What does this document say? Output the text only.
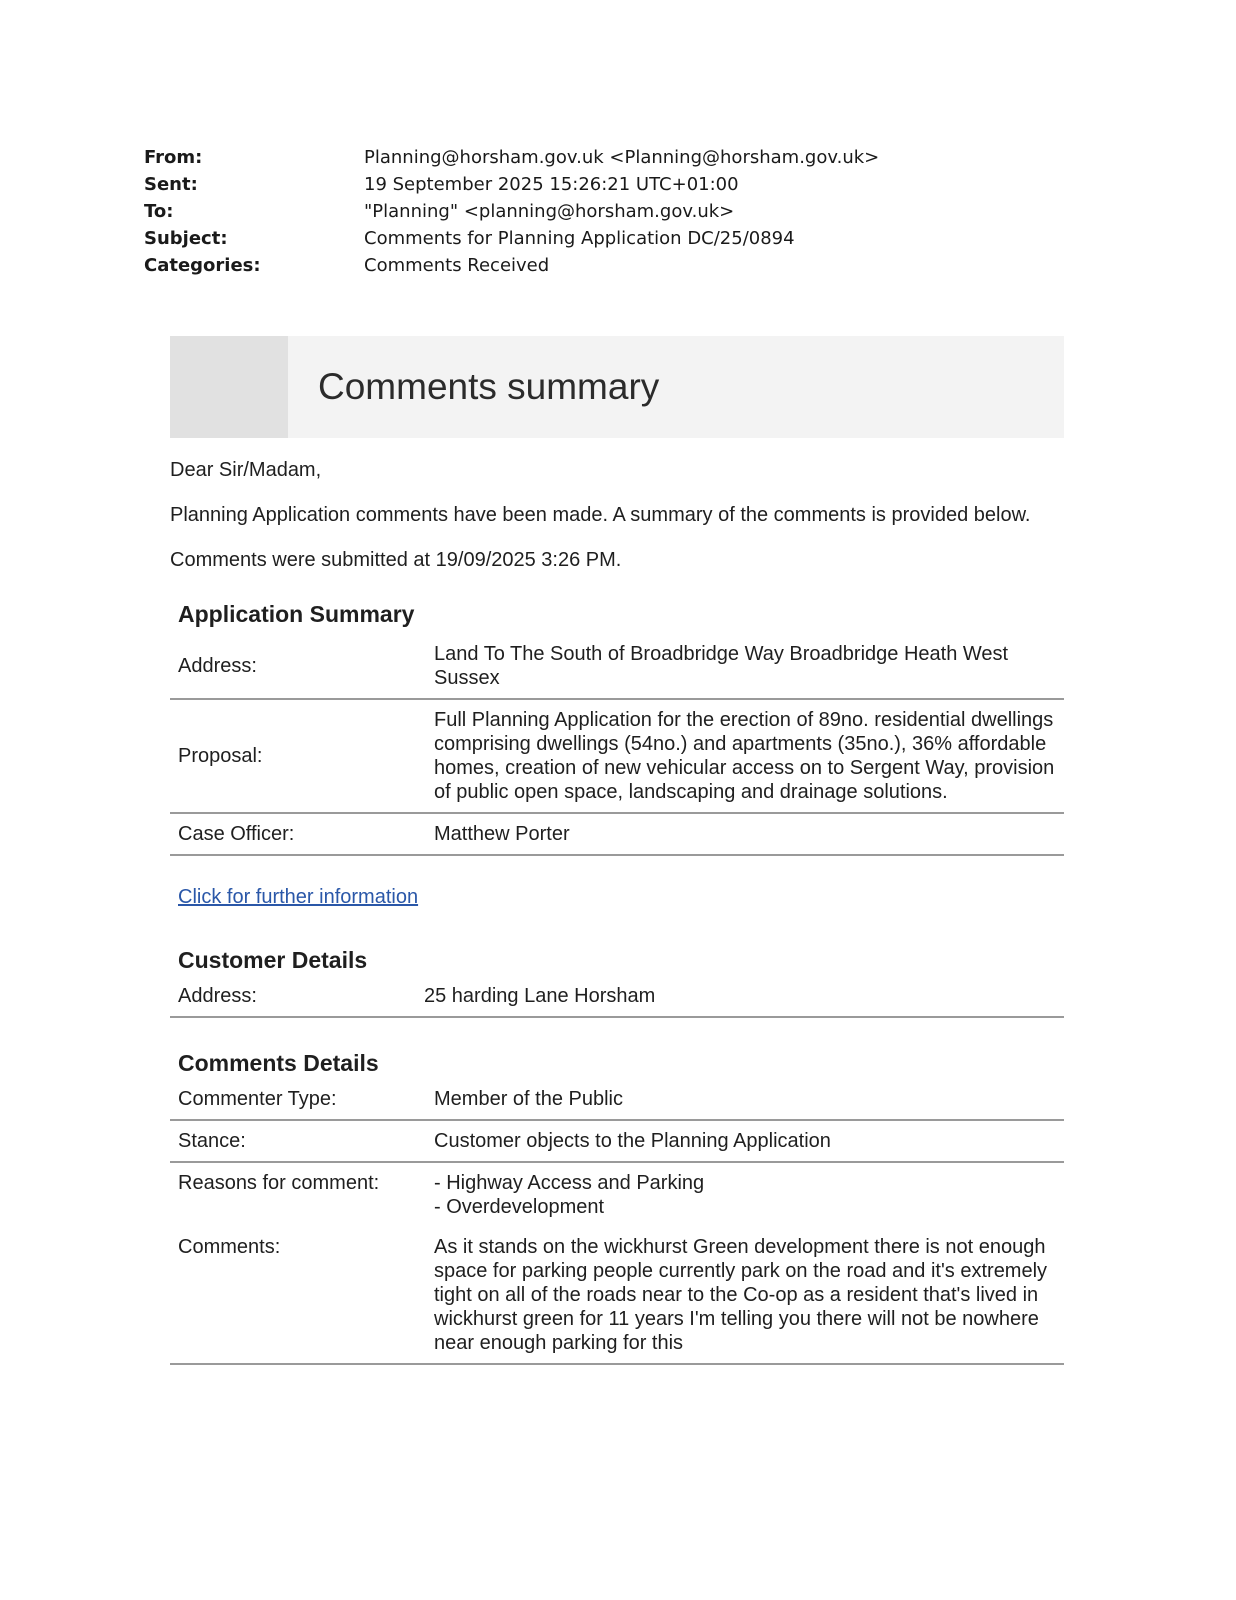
From:	Planning@horsham.gov.uk <Planning@horsham.gov.uk>
Sent:	19 September 2025 15:26:21 UTC+01:00
To:	"Planning" <planning@horsham.gov.uk>
Subject:	Comments for Planning Application DC/25/0894
Categories:	Comments Received
Comments summary

Dear Sir/Madam,

Planning Application comments have been made. A summary of the comments is provided below.

Comments were submitted at 19/09/2025 3:26 PM.

Application Summary
Address:	Land To The South of Broadbridge Way Broadbridge Heath West Sussex
Proposal:	Full Planning Application for the erection of 89no. residential dwellings comprising dwellings (54no.) and apartments (35no.), 36% affordable homes, creation of new vehicular access on to Sergent Way, provision of public open space, landscaping and drainage solutions.
Case Officer:	Matthew Porter
Click for further information
Customer Details
Address:	25 harding Lane Horsham
Comments Details
Commenter Type:	Member of the Public
Stance:	Customer objects to the Planning Application
Reasons for comment:	- Highway Access and Parking
- Overdevelopment

Comments:	As it stands on the wickhurst Green development there is not enough space for parking people currently park on the road and it's extremely tight on all of the roads near to the Co-op as a resident that's lived in wickhurst green for 11 years I'm telling you there will not be nowhere near enough parking for this
